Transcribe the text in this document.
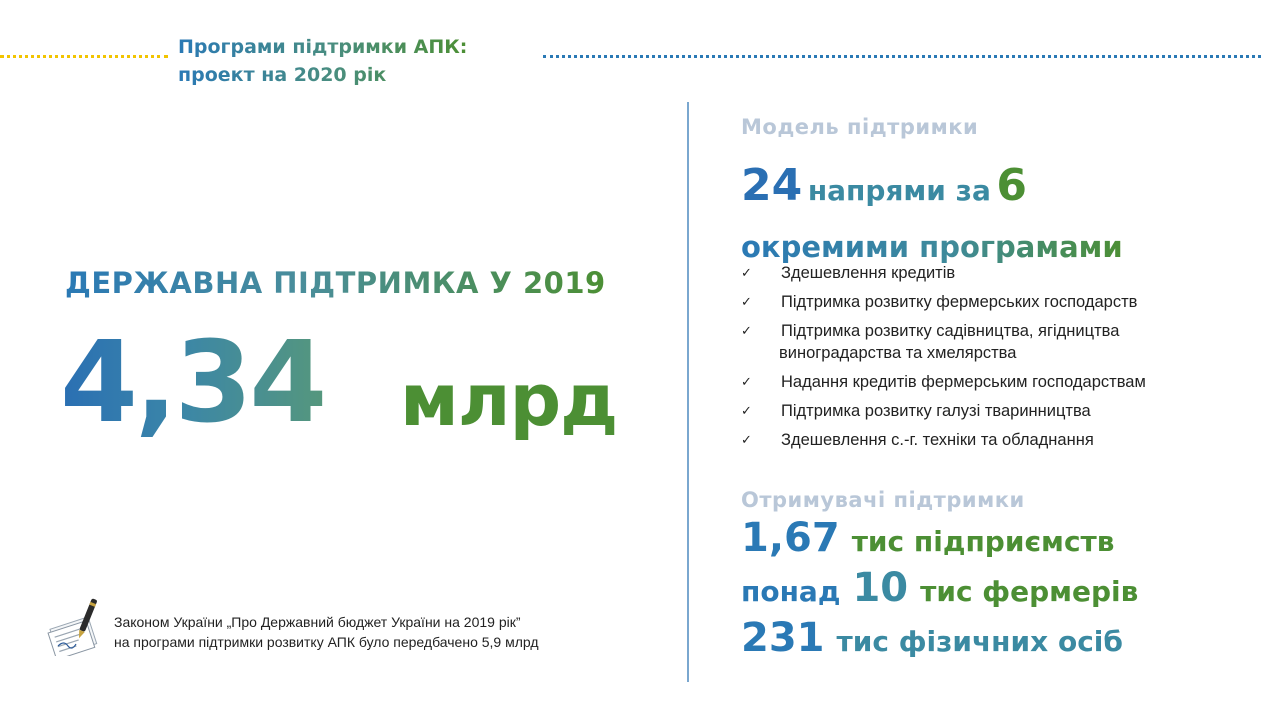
Програми підтримки АПК:
проект на 2020 рік
ДЕРЖАВНА ПІДТРИМКА У 2019
4,34 млрд
Законом України „Про Державний бюджет України на 2019 рік”
на програми підтримки розвитку АПК було передбачено 5,9 млрд
Модель підтримки
24 напрями за 6
окремими програмами
✓ Здешевлення кредитів
✓ Підтримка розвитку фермерських господарств
✓ Підтримка розвитку садівництва, ягідництва
виноградарства та хмелярства
✓ Надання кредитів фермерським господарствам
✓ Підтримка розвитку галузі тваринництва
✓ Здешевлення с.-г. техніки та обладнання
Отримувачі підтримки
1,67 тис підприємств
понад 10 тис фермерів
231 тис фізичних осіб
